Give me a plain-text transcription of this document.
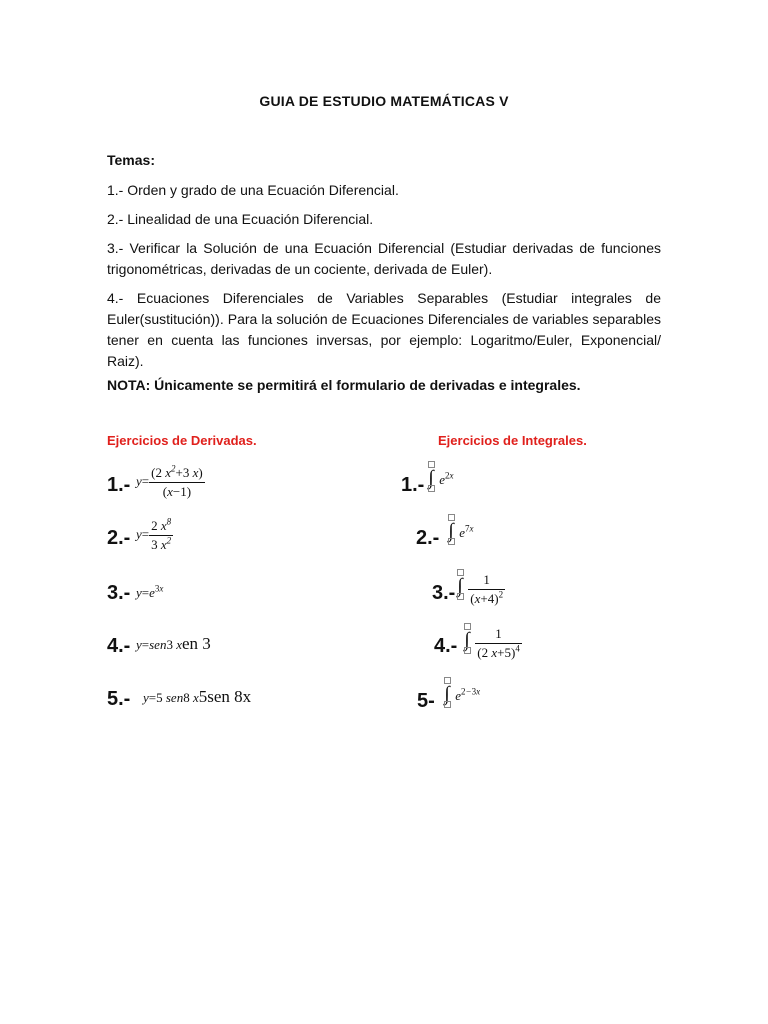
GUIA DE ESTUDIO MATEMÁTICAS V
Temas:
1.- Orden y grado de una Ecuación Diferencial.
2.- Linealidad de una Ecuación Diferencial.
3.- Verificar la Solución de una Ecuación Diferencial (Estudiar derivadas de funciones trigonométricas, derivadas de un cociente, derivada de Euler).
4.- Ecuaciones Diferenciales de Variables Separables (Estudiar integrales de Euler(sustitución)). Para la solución de Ecuaciones Diferenciales de variables separables tener en cuenta las funciones inversas, por ejemplo: Logaritmo/Euler, Exponencial/ Raiz).
NOTA: Únicamente se permitirá el formulario de derivadas e integrales.
Ejercicios de Derivadas.	Ejercicios de Integrales.
1.- $y= \frac{(2 x^2+3 x)}{(x-1)}$
2.- $y= \frac{2 x^8}{3 x^2}$
3.- $y=e^{3x}$
4.- y=sen3 xen 3
5.- y=5 sen8 x5sen 8x
1.- ∫
$e^{2x}$
2.- ∫
$e^{7x}$
3.- ∫
$\frac{1}{(x+4)^2}$
4.- ∫
$\frac{1}{(2 x+5)^4}$
5- ∫
$e^{2-3x}$
